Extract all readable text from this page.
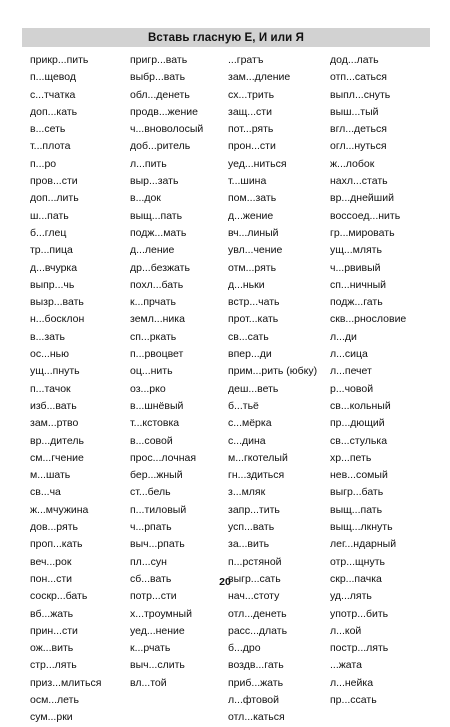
Вставь гласную Е, И или Я
прикр...пить
п...щевод
с...тчатка
доп...кать
в...сеть
т...плота
п...ро
пров...сти
доп...лить
ш...пать
б...глец
тр...пица
д...вчурка
выпр...чь
вызр...вать
н...босклон
в...зать
ос...нью
ущ...пнуть
п...тачок
изб...вать
зам...ртво
вр...дитель
см...гчение
м...шать
св...ча
ж...мчужина
дов...рять
проп...кать
веч...рок
пон...сти
соскр...бать
вб...жать
прин...сти
ож...вить
стр...лять
приз...млиться
осм...леть
сум...рки
пригр...вать
выбр...вать
обл...денеть
продв...жение
ч...вноволосый
доб...ритель
л...пить
выр...зать
в...док
выщ...пать
подж...мать
д...ление
др...безжать
похл...бать
к...прчать
земл...ника
сп...ркать
п...рвоцвет
оц...нить
оз...рко
в...шнёвый
т...кстовка
в...совой
прос...лочная
бер...жный
ст...бель
п...тиловый
ч...рпать
выч...рпать
пл...сун
сб...вать
потр...сти
х...троумный
уед...нение
к...рчать
выч...слить
вл...той
...гратъ
зам...дление
сх...трить
защ...сти
пот...рять
прон...сти
уед...ниться
т...шина
пом...зать
д...жение
вч...линый
увл...чение
отм...рять
д...ньки
встр...чать
прот...кать
св...сать
впер...ди
прим...рить (юбку)
деш...веть
б...тьё
с...мёрка
с...дина
м...гкотелый
гн...здиться
з...мляк
запр...тить
усп...вать
за...вить
п...рстяной
выгр...сать
нач...стоту
отл...денеть
расс...длать
б...дро
воздв...гать
приб...жать
л...фтовой
отл...каться
дод...лать
отп...саться
выпл...снуть
выш...тый
вгл...деться
огл...нуться
ж...лобок
нахл...стать
вр...днейший
воссоед...нить
гр...мировать
ущ...млять
ч...рвивый
сп...ничный
подж...гать
скв...рнословие
л...ди
л...сица
л...печет
р...човой
св...кольный
пр...дющий
св...стулька
хр...петь
нев...сомый
выгр...бать
выщ...пать
выщ...лкнуть
лег...ндарный
отр...щнуть
скр...пачка
уд...лять
употр...бить
л...кой
постр...лять
...жата
л...нейка
пр...ссать
20
